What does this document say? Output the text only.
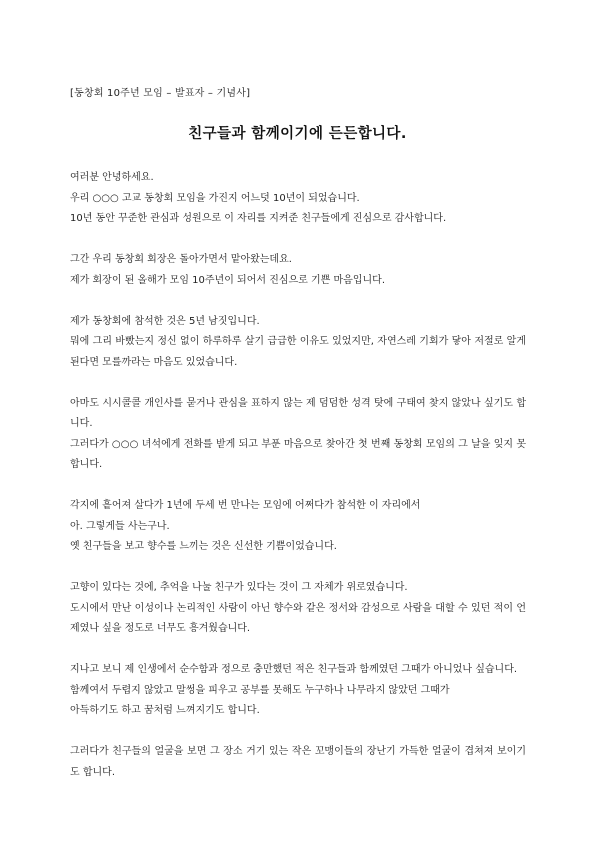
[동창회 10주년 모임 – 발표자 – 기념사]
친구들과 함께이기에 든든합니다.
여러분 안녕하세요.
우리 ○○○ 고교 동창회 모임을 가진지 어느덧 10년이 되었습니다.
10년 동안 꾸준한 관심과 성원으로 이 자리를 지켜준 친구들에게 진심으로 감사합니다.
그간 우리 동창회 회장은 돌아가면서 맡아왔는데요.
제가 회장이 된 올해가 모임 10주년이 되어서 진심으로 기쁜 마음입니다.
제가 동창회에 참석한 것은 5년 남짓입니다.
뭐에 그리 바빴는지 정신 없이 하루하루 살기 급급한 이유도 있었지만, 자연스레 기회가 닿아 저절로 알게 된다면 모를까라는 마음도 있었습니다.
아마도 시시콜콜 개인사를 묻거나 관심을 표하지 않는 제 덤덤한 성격 탓에 구태여 찾지 않았나 싶기도 합니다.
그러다가 ○○○ 녀석에게 전화를 받게 되고 부푼 마음으로 찾아간 첫 번째 동창회 모임의 그 날을 잊지 못합니다.
각지에 흩어져 살다가 1년에 두세 번 만나는 모임에 어쩌다가 참석한 이 자리에서
아. 그렇게들 사는구나.
옛 친구들을 보고 향수를 느끼는 것은 신선한 기쁨이었습니다.
고향이 있다는 것에, 추억을 나눌 친구가 있다는 것이 그 자체가 위로였습니다.
도시에서 만난 이성이나 논리적인 사람이 아닌 향수와 같은 정서와 감성으로 사람을 대할 수 있던 적이 언제였나 싶을 정도로 너무도 흥겨웠습니다.
지나고 보니 제 인생에서 순수함과 정으로 충만했던 적은 친구들과 함께였던 그때가 아니었나 싶습니다.
함께여서 두렵지 않았고 말썽을 피우고 공부를 못해도 누구하나 나무라지 않았던 그때가
아득하기도 하고 꿈처럼 느껴지기도 합니다.
그러다가 친구들의 얼굴을 보면 그 장소 거기 있는 작은 꼬맹이들의 장난기 가득한 얼굴이 겹쳐져 보이기도 합니다.
